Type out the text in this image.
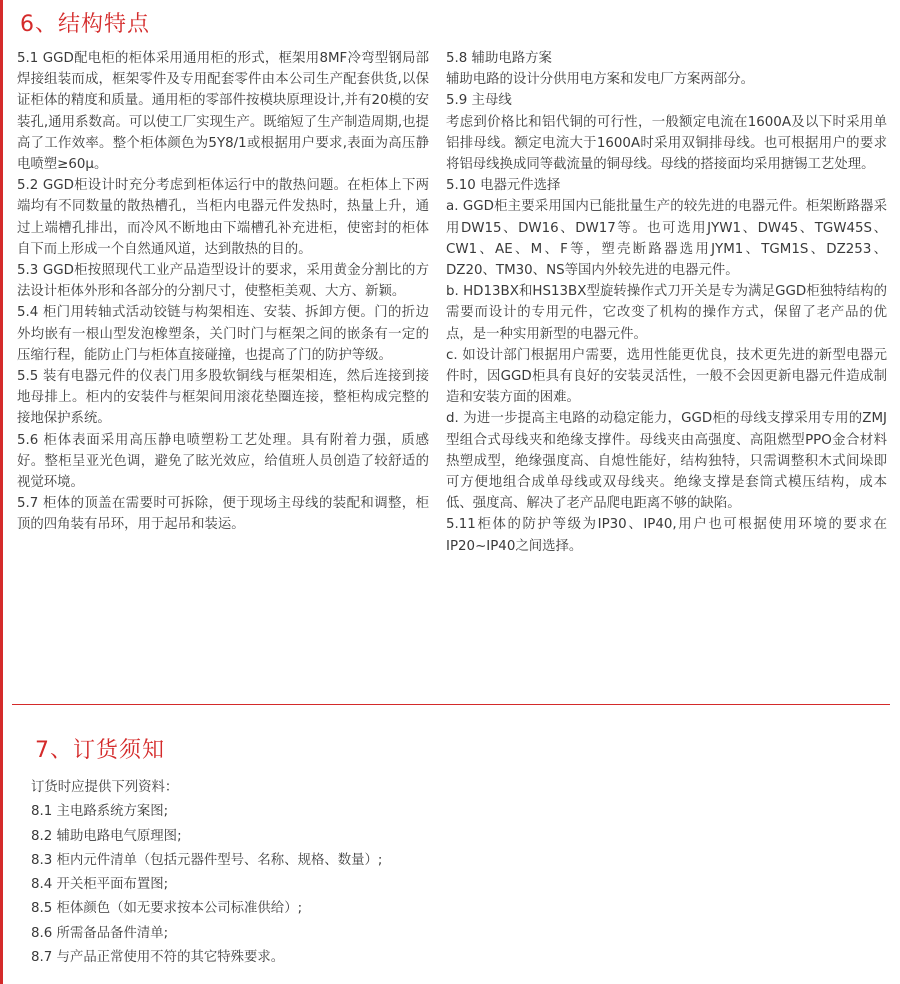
6、结构特点

5.1 GGD配电柜的柜体采用通用柜的形式，框架用8MF冷弯型钢局部焊接组装而成，框架零件及专用配套零件由本公司生产配套供货,以保证柜体的精度和质量。通用柜的零部件按模块原理设计,并有20模的安装孔,通用系数高。可以使工厂实现生产。既缩短了生产制造周期,也提高了工作效率。整个柜体颜色为5Y8/1或根据用户要求,表面为高压静电喷塑≥60μ。

5.2 GGD柜设计时充分考虑到柜体运行中的散热问题。在柜体上下两端均有不同数量的散热槽孔，当柜内电器元件发热时，热量上升，通过上端槽孔排出，而冷风不断地由下端槽孔补充进柜，使密封的柜体自下而上形成一个自然通风道，达到散热的目的。

5.3 GGD柜按照现代工业产品造型设计的要求，采用黄金分割比的方法设计柜体外形和各部分的分割尺寸，使整柜美观、大方、新颖。

5.4 柜门用转轴式活动铰链与构架相连、安装、拆卸方便。门的折边外均嵌有一根山型发泡橡塑条，关门时门与框架之间的嵌条有一定的压缩行程，能防止门与柜体直接碰撞，也提高了门的防护等级。

5.5 装有电器元件的仪表门用多股软铜线与框架相连，然后连接到接地母排上。柜内的安装件与框架间用滚花垫圈连接，整柜构成完整的接地保护系统。

5.6 柜体表面采用高压静电喷塑粉工艺处理。具有附着力强，质感好。整柜呈亚光色调，避免了眩光效应，给值班人员创造了较舒适的视觉环境。

5.7 柜体的顶盖在需要时可拆除，便于现场主母线的装配和调整，柜顶的四角装有吊环，用于起吊和装运。

5.8 辅助电路方案

辅助电路的设计分供用电方案和发电厂方案两部分。

5.9 主母线

考虑到价格比和铝代铜的可行性，一般额定电流在1600A及以下时采用单铝排母线。额定电流大于1600A时采用双铜排母线。也可根据用户的要求将铝母线换成同等截流量的铜母线。母线的搭接面均采用搪锡工艺处理。

5.10 电器元件选择

a. GGD柜主要采用国内已能批量生产的较先进的电器元件。柜架断路器采用DW15、DW16、DW17等。也可选用JYW1、DW45、TGW45S、CW1、AE、M、F等，塑壳断路器选用JYM1、TGM1S、DZ253、DZ20、TM30、NS等国内外较先进的电器元件。

b. HD13BX和HS13BX型旋转操作式刀开关是专为满足GGD柜独特结构的需要而设计的专用元件，它改变了机构的操作方式，保留了老产品的优点，是一种实用新型的电器元件。

c. 如设计部门根据用户需要，选用性能更优良，技术更先进的新型电器元件时，因GGD柜具有良好的安装灵活性，一般不会因更新电器元件造成制造和安装方面的困难。

d. 为进一步提高主电路的动稳定能力，GGD柜的母线支撑采用专用的ZMJ型组合式母线夹和绝缘支撑件。母线夹由高强度、高阻燃型PPO金合材料热塑成型，绝缘强度高、自熄性能好，结构独特，只需调整积木式间垛即可方便地组合成单母线或双母线夹。绝缘支撑是套筒式模压结构，成本低、强度高、解决了老产品爬电距离不够的缺陷。

5.11柜体的防护等级为IP30、IP40,用户也可根据使用环境的要求在 IP20~IP40之间选择。

7、订货须知

订货时应提供下列资料：

8.1 主电路系统方案图;

8.2 辅助电路电气原理图;

8.3 柜内元件清单（包括元器件型号、名称、规格、数量）;

8.4 开关柜平面布置图;

8.5 柜体颜色（如无要求按本公司标准供给）;

8.6 所需备品备件清单;

8.7 与产品正常使用不符的其它特殊要求。
